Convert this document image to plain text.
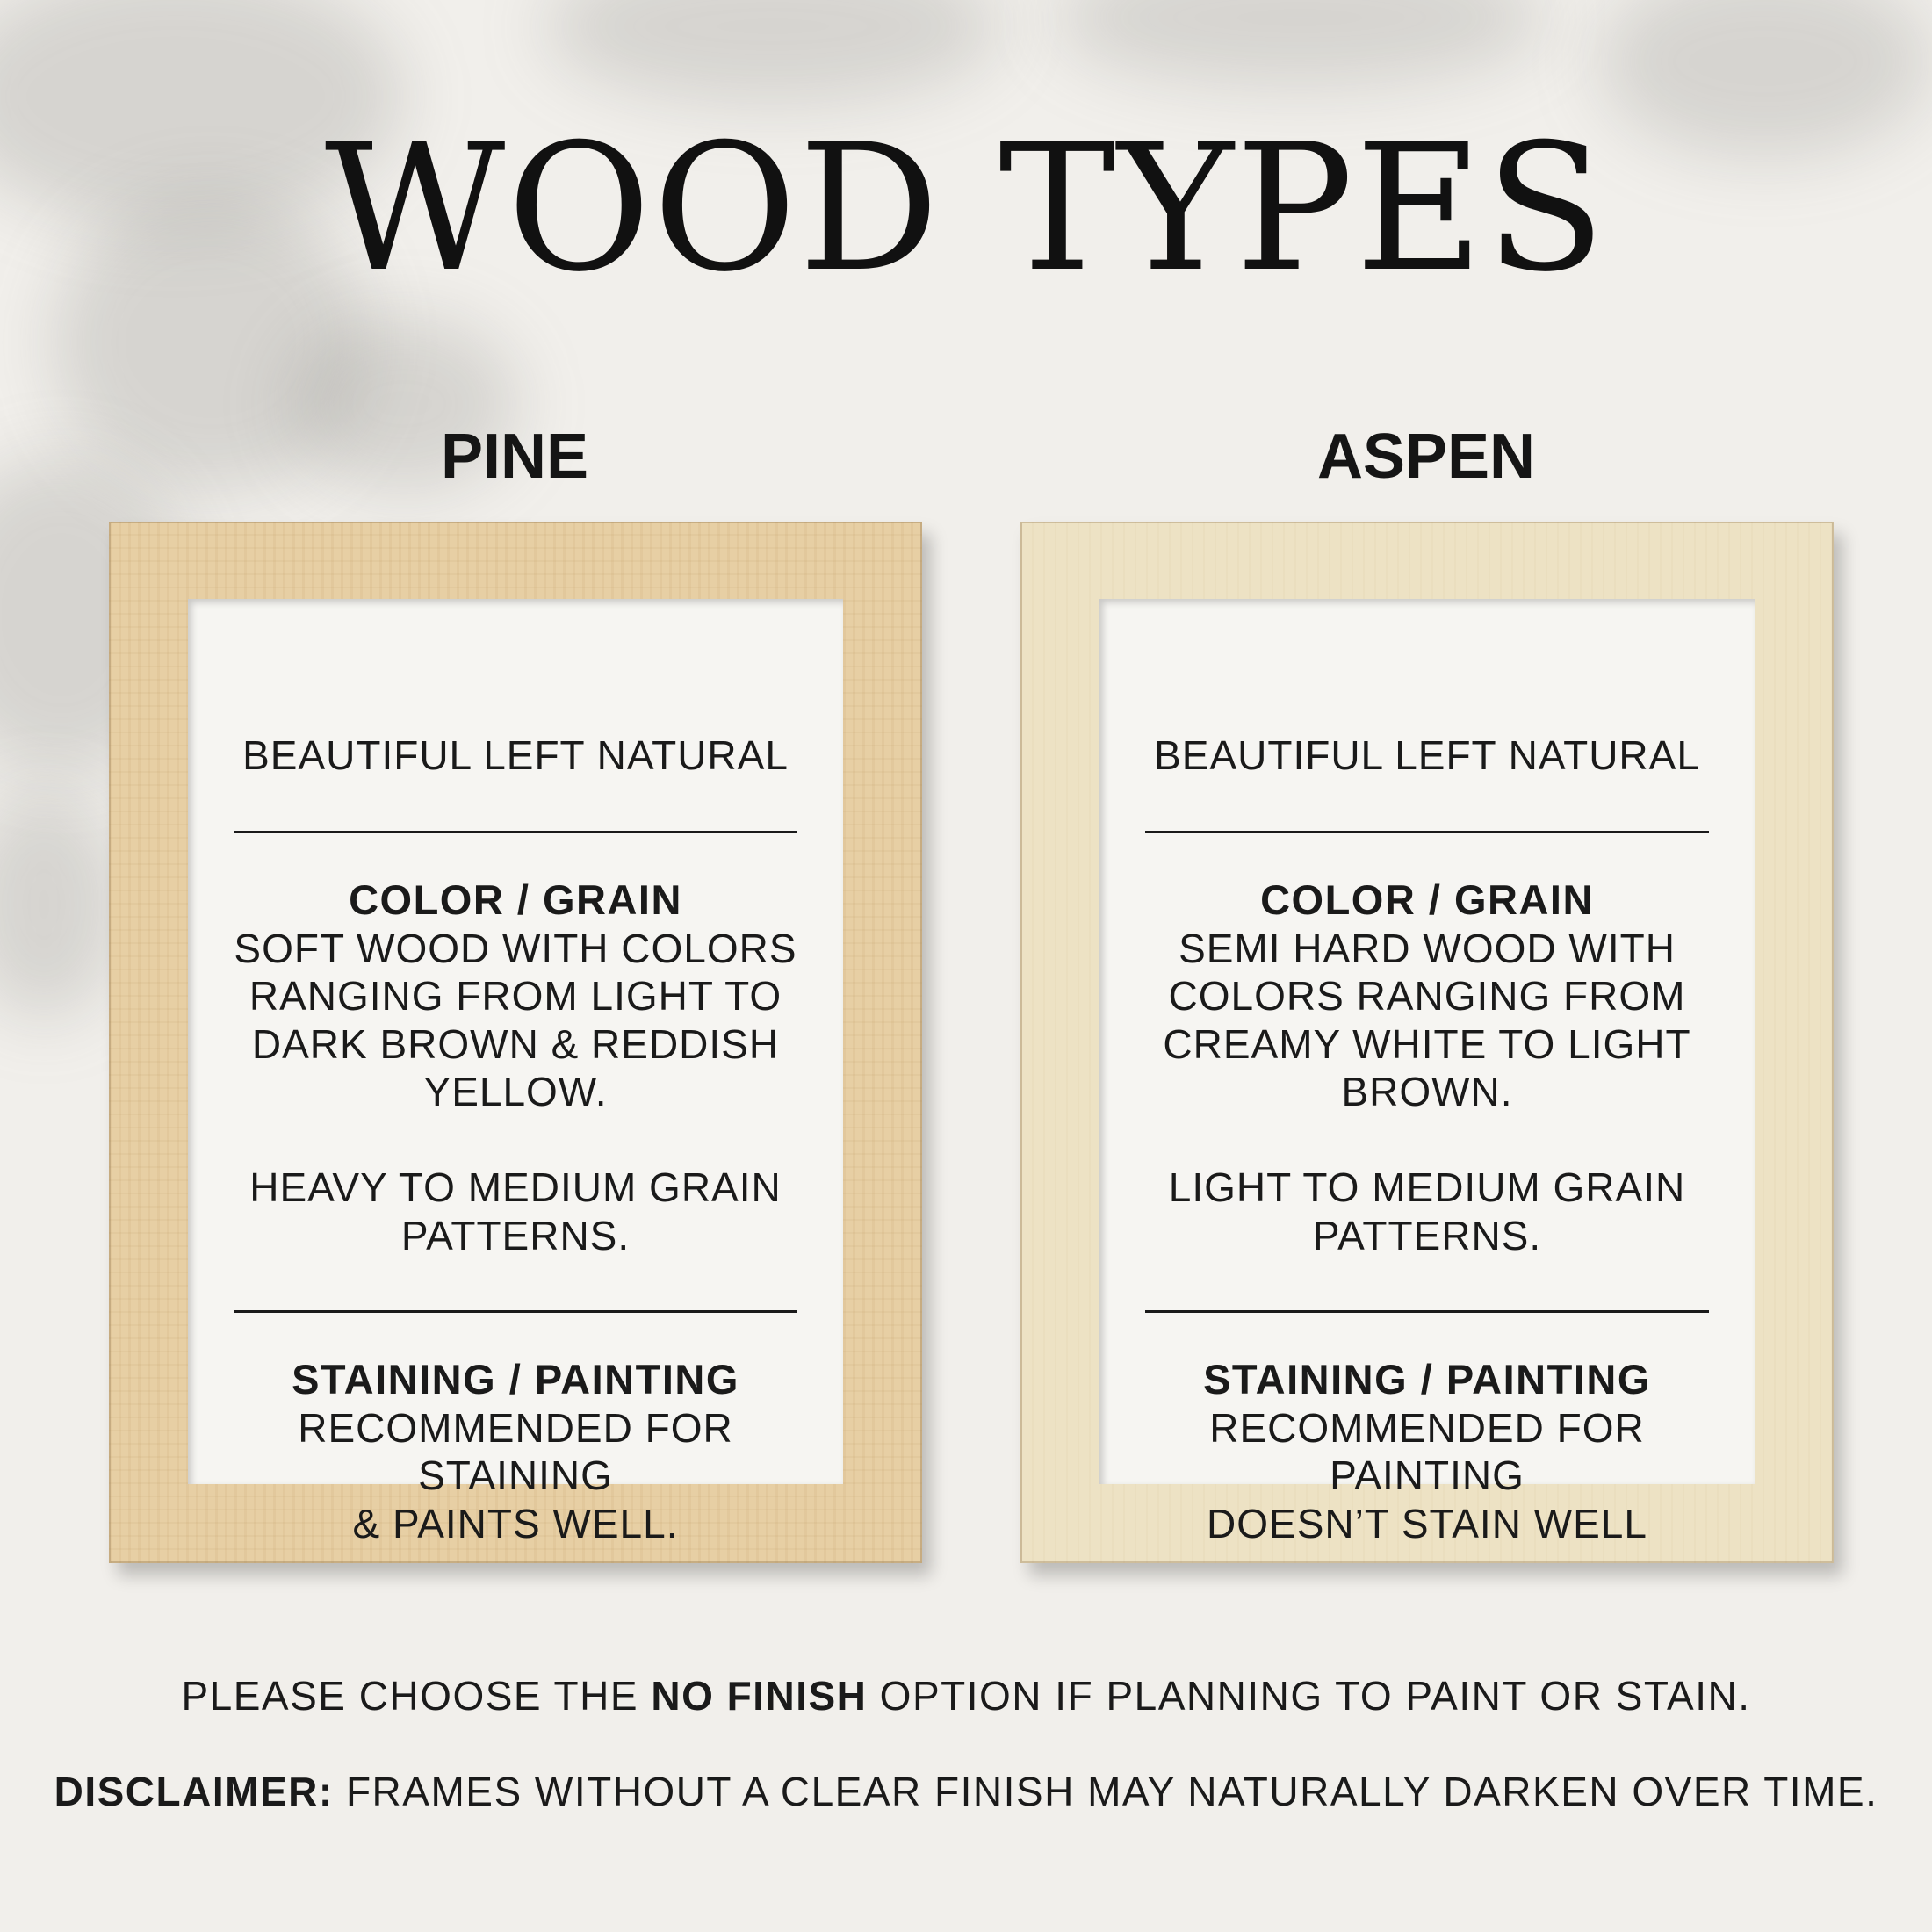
WOOD TYPES
PINE	ASPEN
BEAUTIFUL LEFT NATURAL
COLOR / GRAIN
SOFT WOOD WITH COLORS
RANGING FROM LIGHT TO
DARK BROWN & REDDISH
YELLOW.

HEAVY TO MEDIUM GRAIN
PATTERNS.
STAINING / PAINTING
RECOMMENDED FOR STAINING
& PAINTS WELL.
BEAUTIFUL LEFT NATURAL
COLOR / GRAIN
SEMI HARD WOOD WITH
COLORS RANGING FROM
CREAMY WHITE TO LIGHT
BROWN.

LIGHT TO MEDIUM GRAIN
PATTERNS.
STAINING / PAINTING
RECOMMENDED FOR PAINTING
DOESN’T STAIN WELL
PLEASE CHOOSE THE NO FINISH OPTION IF PLANNING TO PAINT OR STAIN.
DISCLAIMER: FRAMES WITHOUT A CLEAR FINISH MAY NATURALLY DARKEN OVER TIME.
